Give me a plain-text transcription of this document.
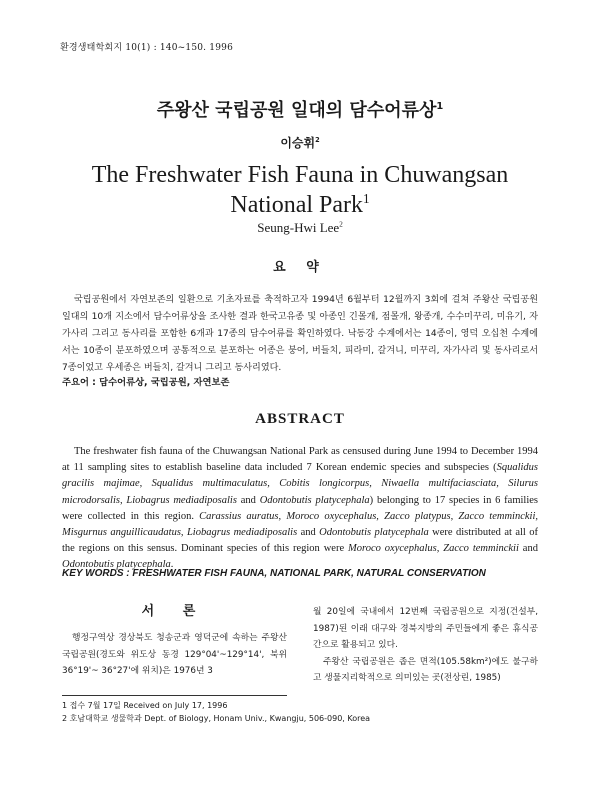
환경생태학회지 10(1) : 140~150. 1996
주왕산 국립공원 일대의 담수어류상$^1$
이승휘$^2$
The Freshwater Fish Fauna in Chuwangsan National Park$^1$
Seung-Hwi Lee$^2$
요 약
국립공원에서 자연보존의 일환으로 기초자료를 축적하고자 1994년 6월부터 12월까지 3회에 걸쳐 주왕산 국립공원 일대의 10개 지소에서 담수어류상을 조사한 결과 한국고유종 및 아종인 긴몰개, 점몰개, 왕종개, 수수미꾸리, 미유기, 자가사리 그리고 동사리를 포함한 6개과 17종의 담수어류를 확인하였다. 낙동강 수계에서는 14종이, 영덕 오십천 수계에서는 10종이 분포하였으며 공통적으로 분포하는 어종은 붕어, 버들치, 피라미, 갈겨니, 미꾸리, 자가사리 및 동사리로서 7종이었고 우세종은 버들치, 갈겨니 그리고 동사리였다.
주요어 : 담수어류상, 국립공원, 자연보존
ABSTRACT

The freshwater fish fauna of the Chuwangsan National Park as censused during June 1994 to December 1994 at 11 sampling sites to establish baseline data included 7 Korean endemic species and subspecies (Squalidus gracilis majimae, Squalidus multimaculatus, Cobitis longicorpus, Niwaella multifaciasciata, Silurus microdorsalis, Liobagrus mediadiposalis and Odontobutis platycephala) belonging to 17 species in 6 families were collected in this region. Carassius auratus, Moroco oxycephalus, Zacco platypus, Zacco temminckii, Misgurnus anguillicaudatus, Liobagrus mediadiposalis and Odontobutis platycephala were distributed at all of the regions on this sensus. Dominant species of this region were Moroco oxycephalus, Zacco temminckii and Odontobutis platycephala.

KEY WORDS : FRESHWATER FISH FAUNA, NATIONAL PARK, NATURAL CONSERVATION
서 론
행정구역상 경상북도 청송군과 영덕군에 속하는 주왕산 국립공원(경도와 위도상 동경 129°04'~129°14', 북위 36°19'~ 36°27'에 위치)은 1976년 3

월 20일에 국내에서 12번째 국립공원으로 지정(건설부, 1987)된 이래 대구와 경북지방의 주민들에게 좋은 휴식공간으로 활용되고 있다.

주왕산 국립공원은 좁은 면적(105.58km²)에도 불구하고 생물지리학적으로 의미있는 곳(전상린, 1985)

1 접수 7월 17일 Received on July 17, 1996
2 호남대학교 생물학과 Dept. of Biology, Honam Univ., Kwangju, 506-090, Korea
